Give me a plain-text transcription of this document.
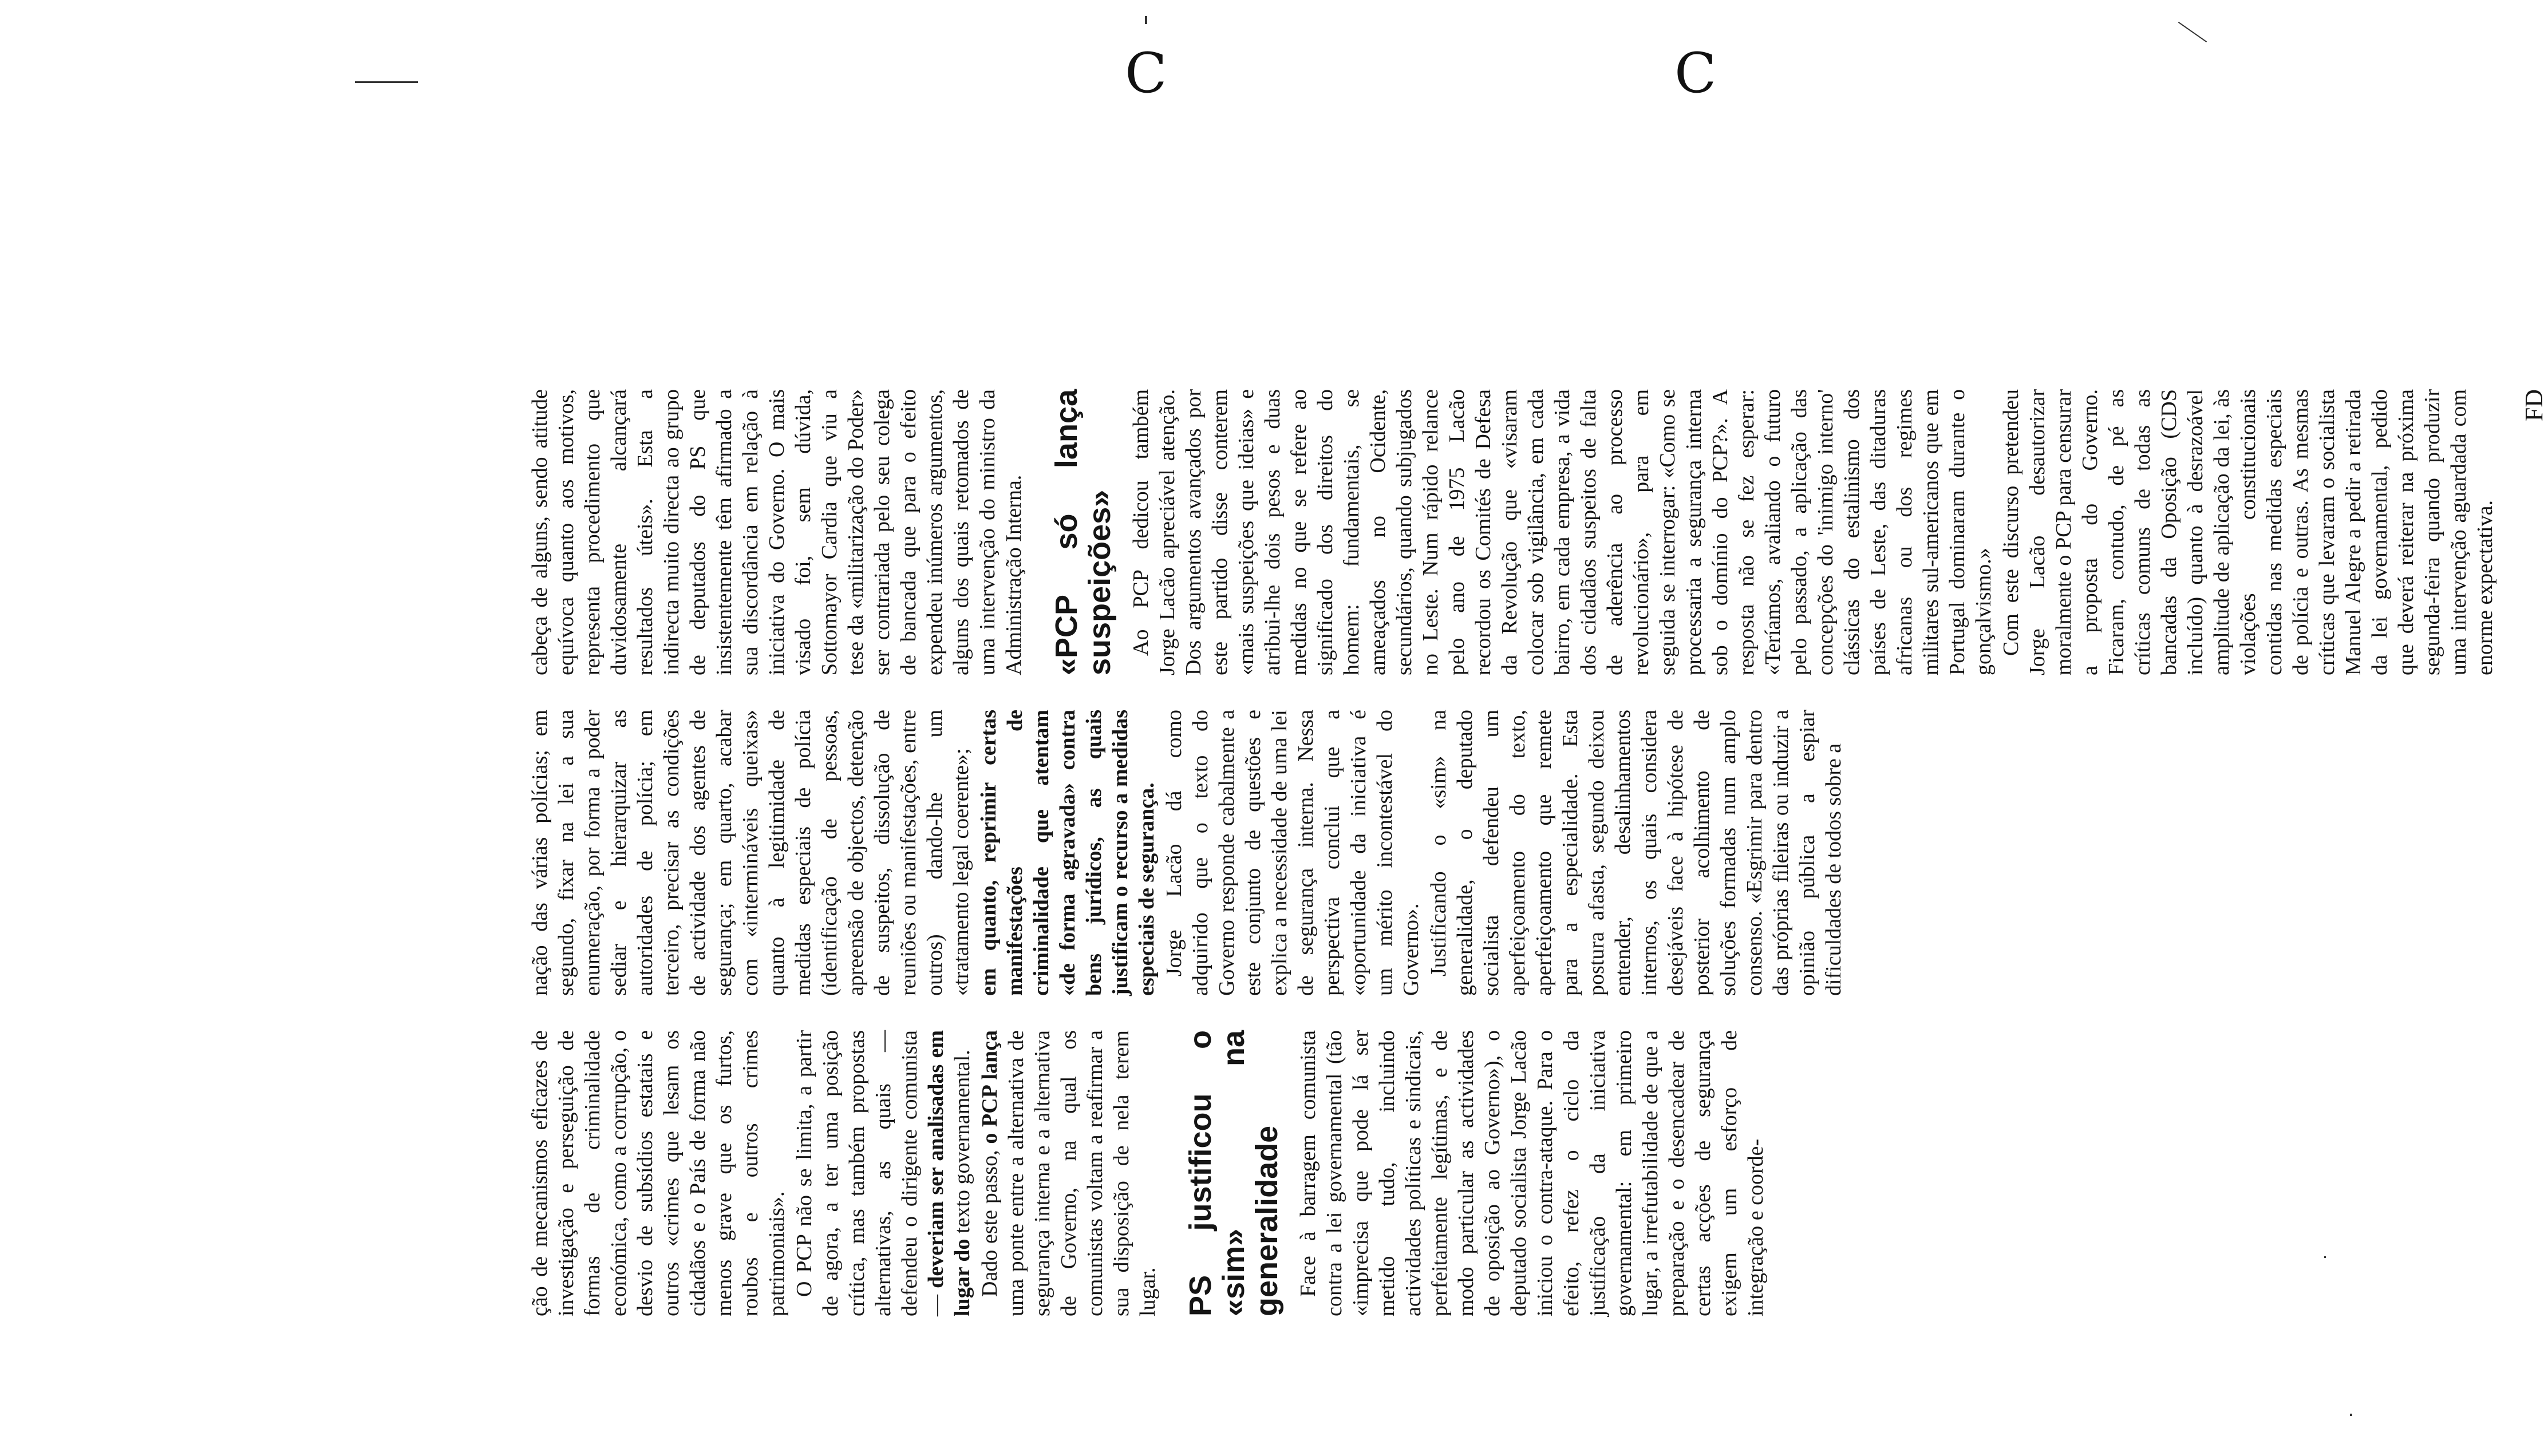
C	C

ção de mecanismos eficazes de investigação e perseguição de formas de criminalidade económica, como a corrupção, o desvio de subsídios estatais e outros «crimes que lesam os cidadãos e o País de forma não menos grave que os furtos, roubos e outros crimes patrimoniais». O PCP não se limita, a partir de agora, a ter uma posição crítica, mas também propostas alternativas, as quais — defendeu o dirigente comunista — deveriam ser analisadas em lugar do texto governamental. Dado este passo, o PCP lança uma ponte entre a alternativa de segurança interna e a alternativa de Governo, na qual os comunistas voltam a reafirmar a sua disposição de nela terem lugar. PS justificou o «sim» na generalidade Face à barragem comunista contra a lei governamental (tão «imprecisa que pode lá ser metido tudo, incluindo actividades políticas e sindicais, perfeitamente legítimas, e de modo particular as actividades de oposição ao Governo»), o deputado socialista Jorge Lacão iniciou o contra-ataque. Para o efeito, refez o ciclo da justificação da iniciativa governamental: em primeiro lugar, a irrefutabilidade de que a preparação e o desencadear de certas acções de segurança exigem um esforço de integração e coorde-

nação das várias polícias; em segundo, fixar na lei a sua enumeração, por forma a poder sediar e hierarquizar as autoridades de polícia; em terceiro, precisar as condições de actividade dos agentes de segurança; em quarto, acabar com «intermináveis queixas» quanto à legitimidade de medidas especiais de polícia (identificação de pessoas, apreensão de objectos, detenção de suspeitos, dissolução de reuniões ou manifestações, entre outros) dando-lhe um «tratamento legal coerente»; em quanto, reprimir certas manifestações de criminalidade que atentam «de forma agravada» contra bens jurídicos, as quais justificam o recurso a medidas especiais de segurança. Jorge Lacão dá como adquirido que o texto do Governo responde cabalmente a este conjunto de questões e explica a necessidade de uma lei de segurança interna. Nessa perspectiva conclui que a «oportunidade da iniciativa é um mérito incontestável do Governo». Justificando o «sim» na generalidade, o deputado socialista defendeu um aperfeiçoamento do texto, aperfeiçoamento que remete para a especialidade. Esta postura afasta, segundo deixou entender, desalinhamentos internos, os quais considera desejáveis face à hipótese de posterior acolhimento de soluções formadas num amplo consenso. «Esgrimir para dentro das próprias fileiras ou induzir a opinião pública a espiar dificuldades de todos sobre a

cabeça de alguns, sendo atitude equívoca quanto aos motivos, representa procedimento que duvidosamente alcançará resultados úteis». Esta a indirecta muito directa ao grupo de deputados do PS que insistentemente têm afirmado a sua discordância em relação à iniciativa do Governo. O mais visado foi, sem dúvida, Sottomayor Cardia que viu a tese da «militarização do Poder» ser contrariada pelo seu colega de bancada que para o efeito expendeu inúmeros argumentos, alguns dos quais retomados de uma intervenção do ministro da Administração Interna. «PCP só lança suspeições» Ao PCP dedicou também Jorge Lacão apreciável atenção. Dos argumentos avançados por este partido disse conterem «mais suspeições que ideias» e atribui-lhe dois pesos e duas medidas no que se refere ao significado dos direitos do homem: fundamentais, se ameaçados no Ocidente, secundários, quando subjugados no Leste. Num rápido relance pelo ano de 1975 Lacão recordou os Comités de Defesa da Revolução que «visaram colocar sob vigilância, em cada bairro, em cada empresa, a vida dos cidadãos suspeitos de falta de aderência ao processo revolucionário», para em seguida se interrogar: «Como se processaria a segurança interna sob o domínio do PCP?». A resposta não se fez esperar: «Teríamos, avaliando o futuro pelo passado, a aplicação das concepções do 'inimigo interno' clássicas do estalinismo dos países de Leste, das ditaduras africanas ou dos regimes militares sul-americanos que em Portugal dominaram durante o gonçalvismo.» Com este discurso pretendeu Jorge Lacão desautorizar moralmente o PCP para censurar a proposta do Governo. Ficaram, contudo, de pé as críticas comuns de todas as bancadas da Oposição (CDS incluído) quanto à desrazoável amplitude de aplicação da lei, às violações constitucionais contidas nas medidas especiais de polícia e outras. As mesmas críticas que levaram o socialista Manuel Alegre a pedir a retirada da lei governamental, pedido que deverá reiterar na próxima segunda-feira quando produzir uma intervenção aguardada com enorme expectativa.

FD
